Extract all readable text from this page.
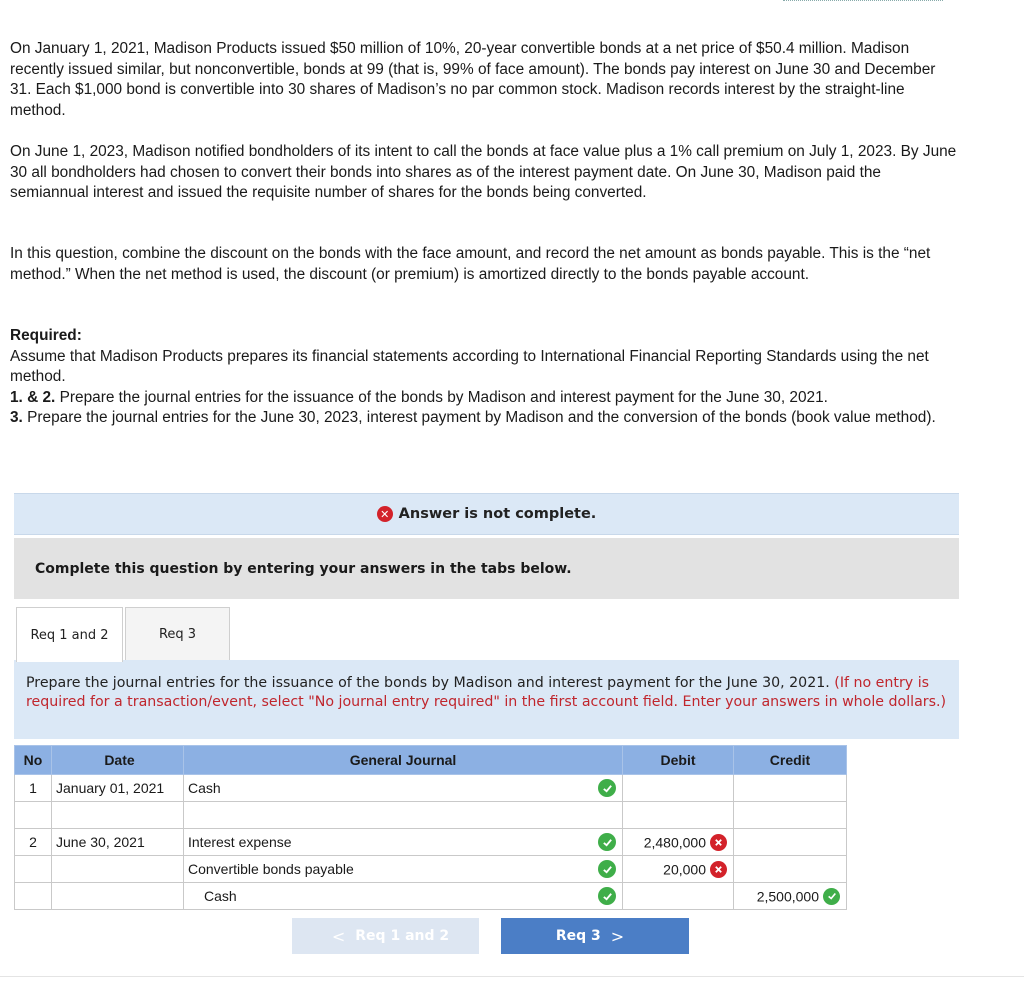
On January 1, 2021, Madison Products issued $50 million of 10%, 20-year convertible bonds at a net price of $50.4 million. Madison recently issued similar, but nonconvertible, bonds at 99 (that is, 99% of face amount). The bonds pay interest on June 30 and December 31. Each $1,000 bond is convertible into 30 shares of Madison’s no par common stock. Madison records interest by the straight-line method.

On June 1, 2023, Madison notified bondholders of its intent to call the bonds at face value plus a 1% call premium on July 1, 2023. By June 30 all bondholders had chosen to convert their bonds into shares as of the interest payment date. On June 30, Madison paid the semiannual interest and issued the requisite number of shares for the bonds being converted.

In this question, combine the discount on the bonds with the face amount, and record the net amount as bonds payable. This is the “net method.” When the net method is used, the discount (or premium) is amortized directly to the bonds payable account.

Required:
Assume that Madison Products prepares its financial statements according to International Financial Reporting Standards using the net method.
1. & 2. Prepare the journal entries for the issuance of the bonds by Madison and interest payment for the June 30, 2021.
3. Prepare the journal entries for the June 30, 2023, interest payment by Madison and the conversion of the bonds (book value method).
✕ Answer is not complete.
Complete this question by entering your answers in the tabs below.
Req 1 and 2	Req 3
Prepare the journal entries for the issuance of the bonds by Madison and interest payment for the June 30, 2021. (If no entry is required for a transaction/event, select "No journal entry required" in the first account field. Enter your answers in whole dollars.)
No	Date	General Journal	Debit	Credit
1	January 01, 2021	Cash

2	June 30, 2021	Interest expense	2,480,000

		Convertible bonds payable	20,000

		Cash		2,500,000
< Req 1 and 2	Req 3 >
